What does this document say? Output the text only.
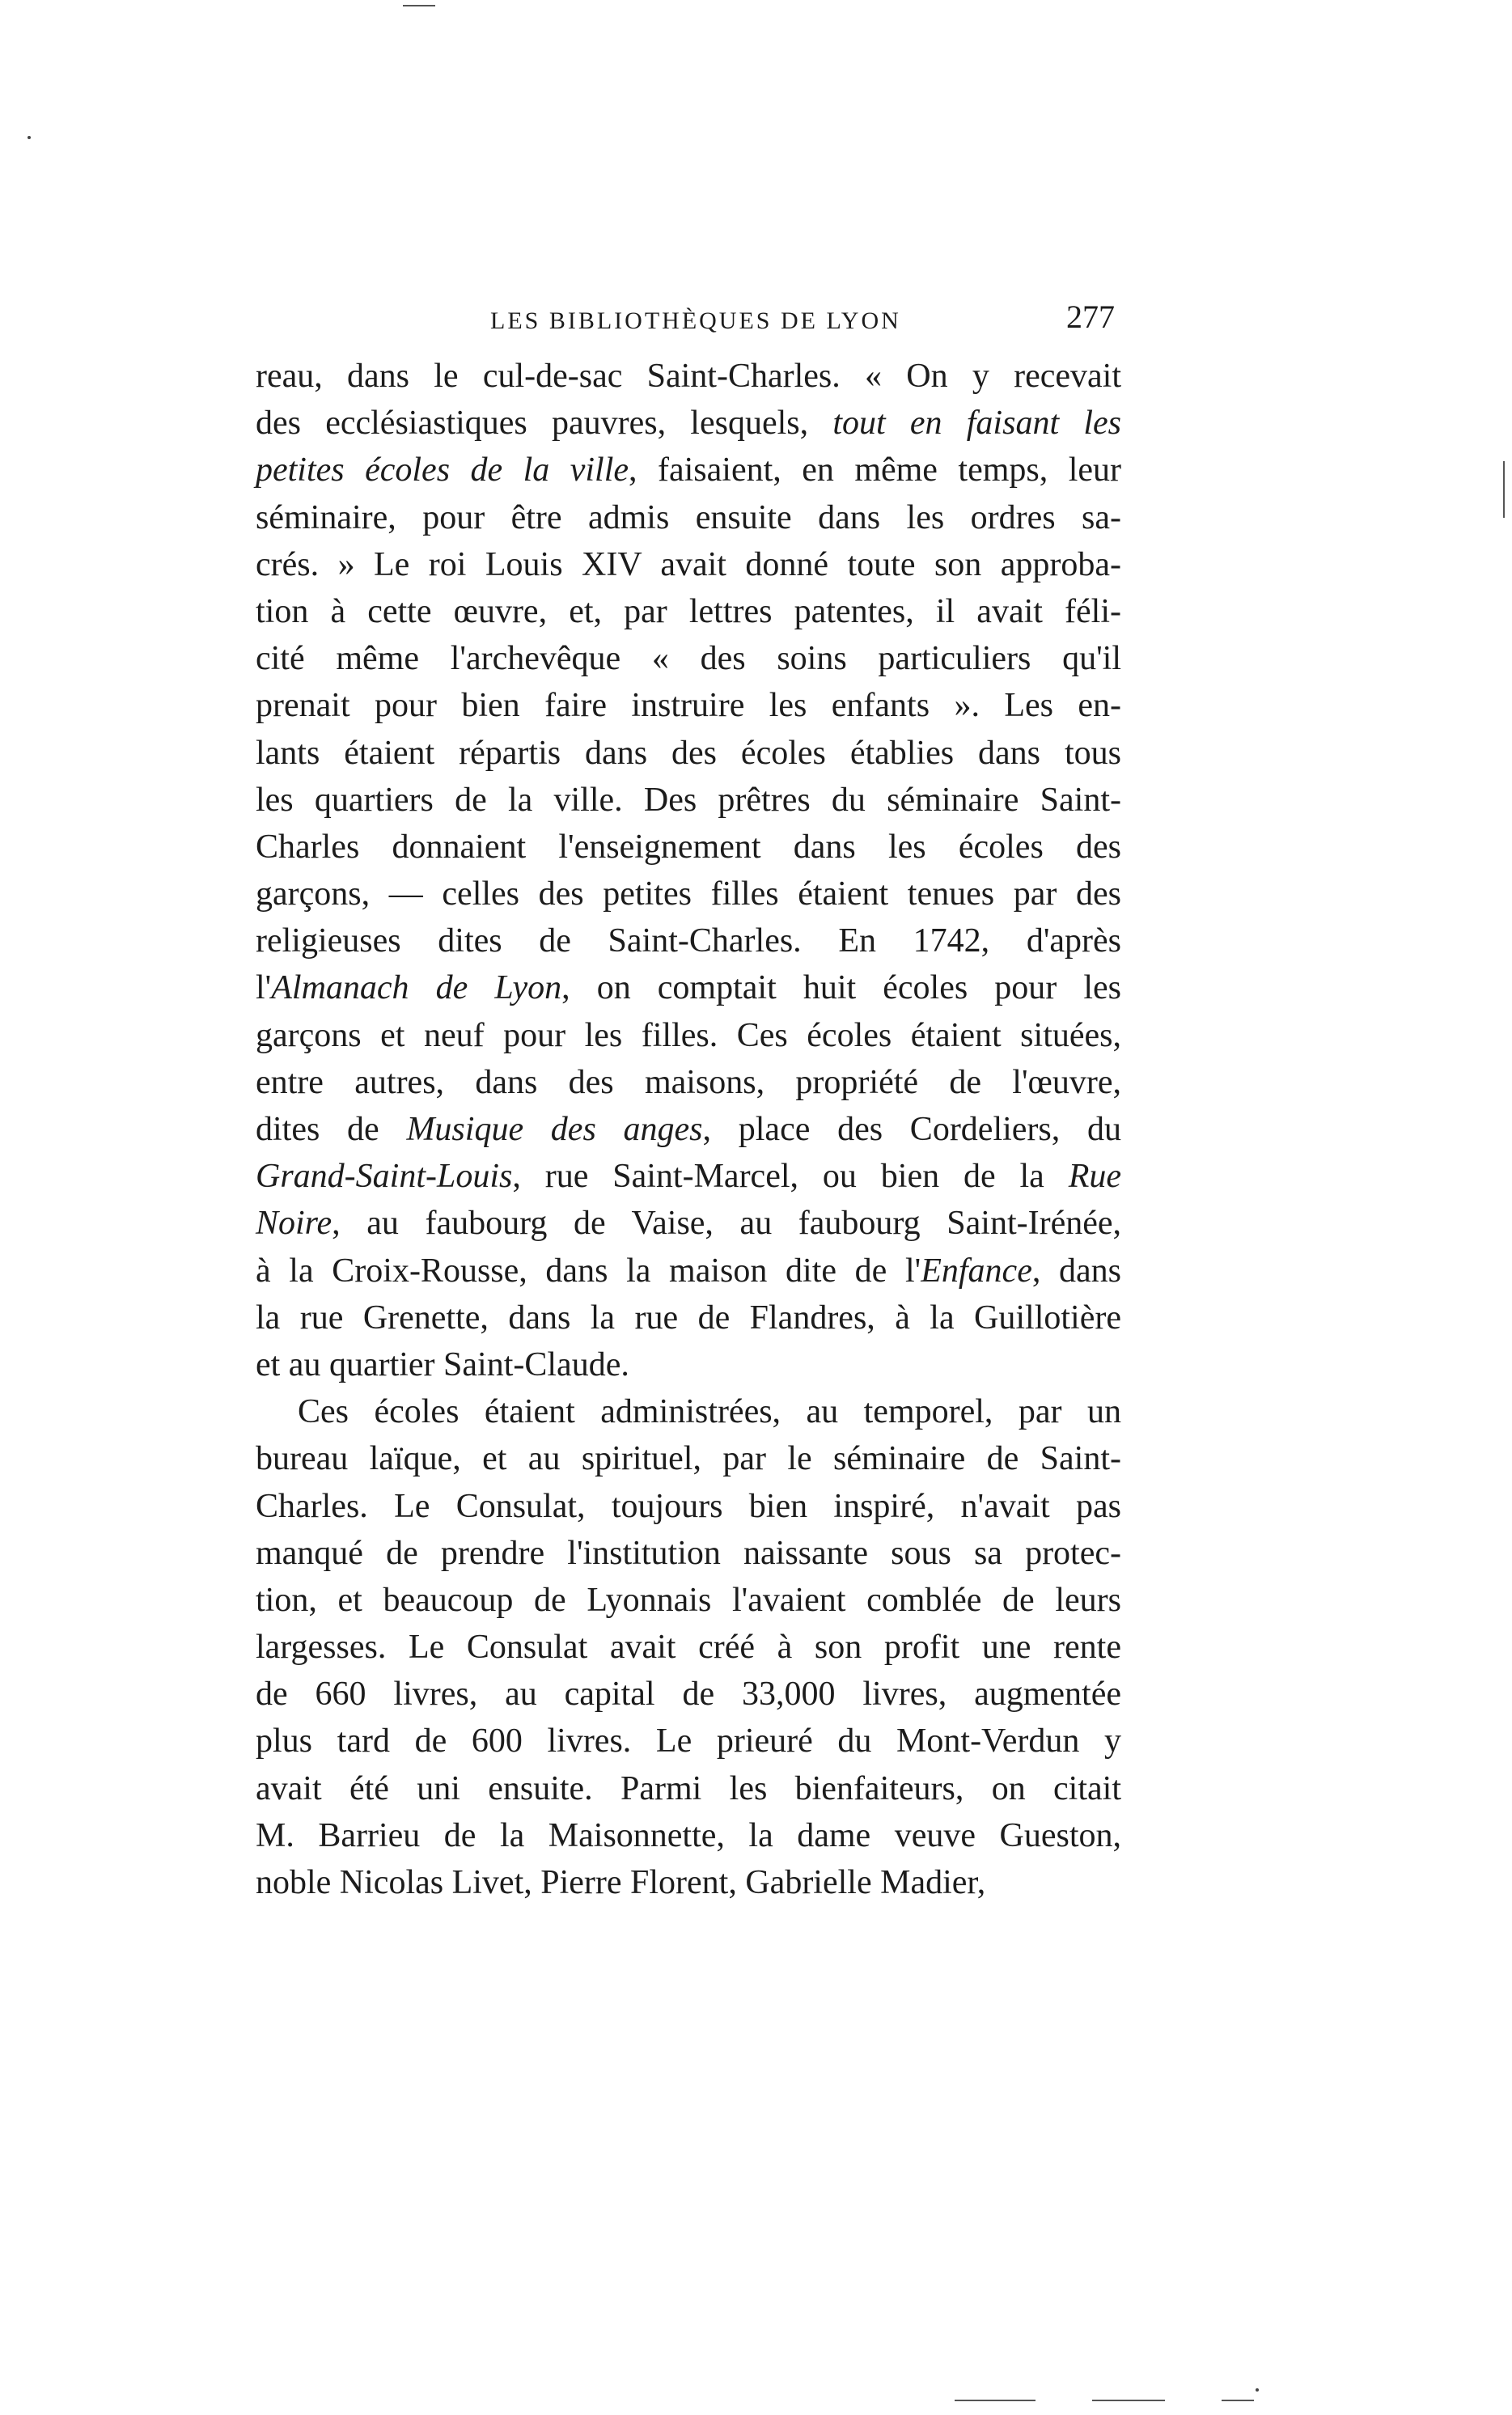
LES BIBLIOTHÈQUES DE LYON	277
reau, dans le cul-de-sac Saint-Charles. « On y recevait
des ecclésiastiques pauvres, lesquels, tout en faisant les
petites écoles de la ville, faisaient, en même temps, leur
séminaire, pour être admis ensuite dans les ordres sa-
crés. » Le roi Louis XIV avait donné toute son approba-
tion à cette œuvre, et, par lettres patentes, il avait féli-
cité même l'archevêque « des soins particuliers qu'il
prenait pour bien faire instruire les enfants ». Les en-
lants étaient répartis dans des écoles établies dans tous
les quartiers de la ville. Des prêtres du séminaire Saint-
Charles donnaient l'enseignement dans les écoles des
garçons, — celles des petites filles étaient tenues par des
religieuses dites de Saint-Charles. En 1742, d'après
l'Almanach de Lyon, on comptait huit écoles pour les
garçons et neuf pour les filles. Ces écoles étaient situées,
entre autres, dans des maisons, propriété de l'œuvre,
dites de Musique des anges, place des Cordeliers, du
Grand-Saint-Louis, rue Saint-Marcel, ou bien de la Rue
Noire, au faubourg de Vaise, au faubourg Saint-Irénée,
à la Croix-Rousse, dans la maison dite de l'Enfance, dans
la rue Grenette, dans la rue de Flandres, à la Guillotière
et au quartier Saint-Claude.
Ces écoles étaient administrées, au temporel, par un
bureau laïque, et au spirituel, par le séminaire de Saint-
Charles. Le Consulat, toujours bien inspiré, n'avait pas
manqué de prendre l'institution naissante sous sa protec-
tion, et beaucoup de Lyonnais l'avaient comblée de leurs
largesses. Le Consulat avait créé à son profit une rente
de 660 livres, au capital de 33,000 livres, augmentée
plus tard de 600 livres. Le prieuré du Mont-Verdun y
avait été uni ensuite. Parmi les bienfaiteurs, on citait
M. Barrieu de la Maisonnette, la dame veuve Gueston,
noble Nicolas Livet, Pierre Florent, Gabrielle Madier,
